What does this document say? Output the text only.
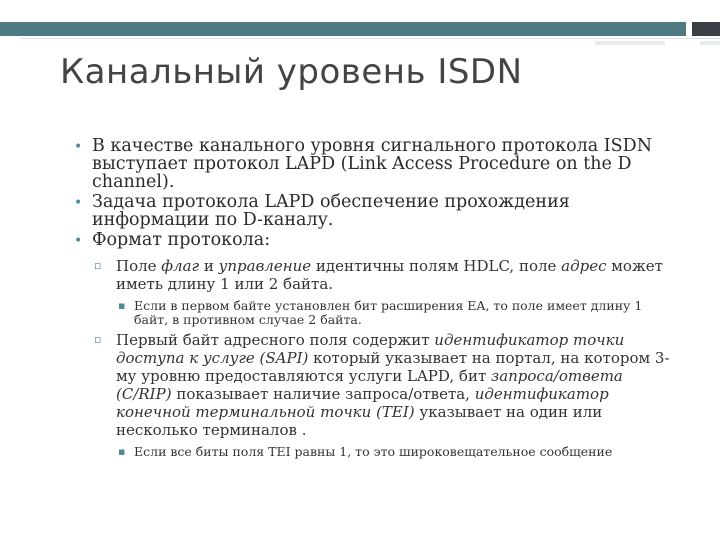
Канальный уровень ISDN
• В качестве канального уровня сигнального протокола ISDN выступает протокол LAPD (Link Access Procedure on the D channel).
• Задача протокола LAPD обеспечение прохождения информации по D-каналу.
• Формат протокола:
▫ Поле флаг и управление идентичны полям HDLC, поле адрес может иметь длину 1 или 2 байта.
▪ Если в первом байте установлен бит расширения EA, то поле имеет длину 1 байт, в противном случае 2 байта.
▫ Первый байт адресного поля содержит идентификатор точки доступа к услуге (SAPI) который указывает на портал, на котором 3-му уровню предоставляются услуги LAPD, бит запроса/ответа (C/RIP) показывает наличие запроса/ответа, идентификатор конечной терминальной точки (TEI) указывает на один или несколько терминалов .
▪ Если все биты поля TEI равны 1, то это широковещательное сообщение
